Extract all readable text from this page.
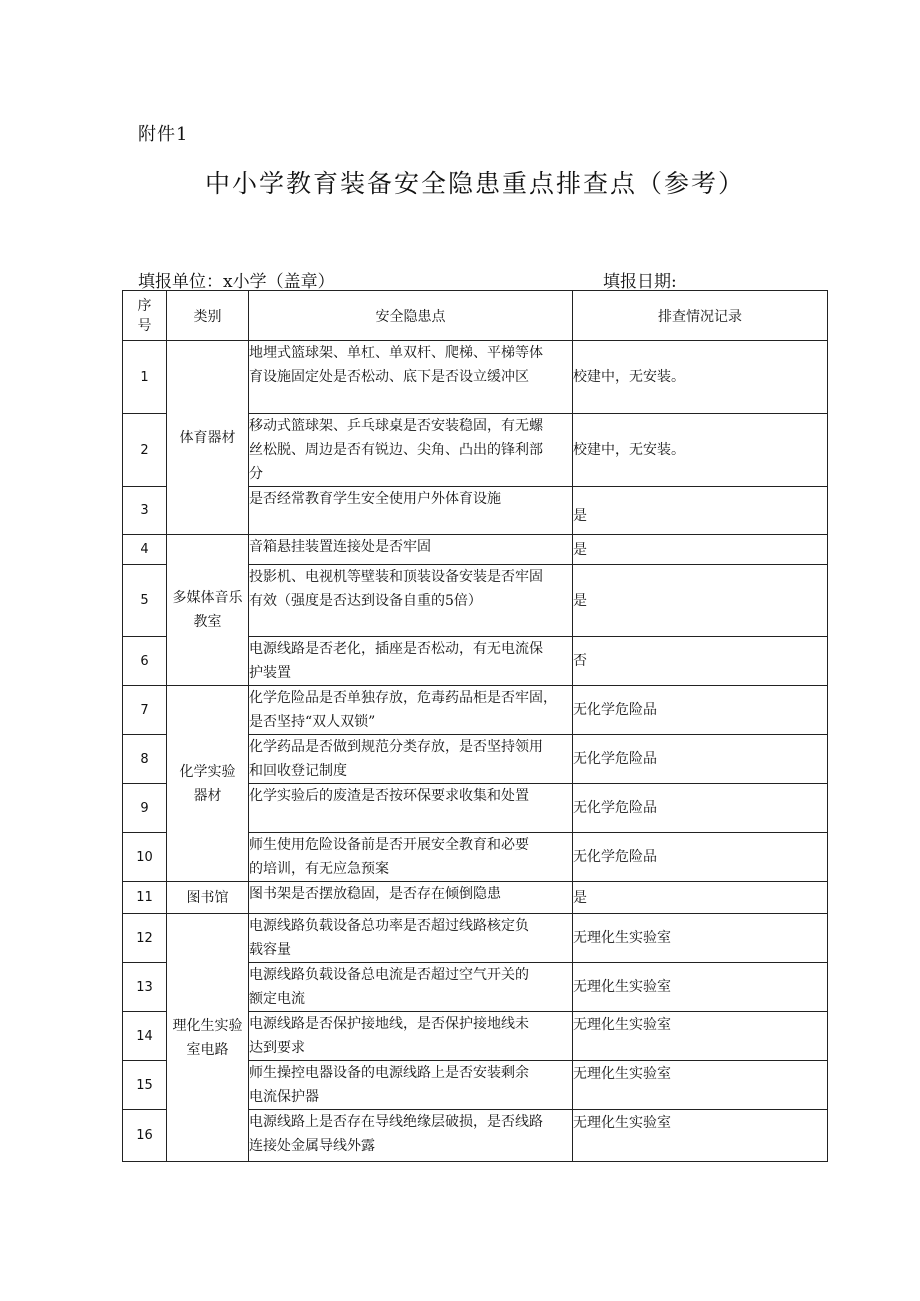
附件1
中小学教育装备安全隐患重点排查点（参考）
填报单位：x小学（盖章）	填报日期:
序
号	类别	安全隐患点	排查情况记录
1	体育器材	地埋式篮球架、单杠、单双杆、爬梯、平梯等体
育设施固定处是否松动、底下是否设立缓冲区	校建中，无安装。
2		移动式篮球架、乒乓球桌是否安装稳固，有无螺
丝松脱、周边是否有锐边、尖角、凸出的锋利部
分	校建中，无安装。
3		是否经常教育学生安全使用户外体育设施	是
4	多媒体音乐
教室	音箱悬挂装置连接处是否牢固	是
5		投影机、电视机等壁装和顶装设备安装是否牢固
有效（强度是否达到设备自重的5倍）	是
6		电源线路是否老化，插座是否松动，有无电流保
护装置	否
7	化学实验
器材	化学危险品是否单独存放，危毒药品柜是否牢固，
是否坚持“双人双锁”	无化学危险品
8		化学药品是否做到规范分类存放，是否坚持领用
和回收登记制度	无化学危险品
9		化学实验后的废渣是否按环保要求收集和处置	无化学危险品
10		师生使用危险设备前是否开展安全教育和必要
的培训，有无应急预案	无化学危险品
11	图书馆	图书架是否摆放稳固，是否存在倾倒隐患	是
12	理化生实验
室电路	电源线路负载设备总功率是否超过线路核定负
载容量	无理化生实验室
13		电源线路负载设备总电流是否超过空气开关的
额定电流	无理化生实验室
14		电源线路是否保护接地线，是否保护接地线未
达到要求	无理化生实验室
15		师生操控电器设备的电源线路上是否安装剩余
电流保护器	无理化生实验室
16		电源线路上是否存在导线绝缘层破损，是否线路
连接处金属导线外露	无理化生实验室
